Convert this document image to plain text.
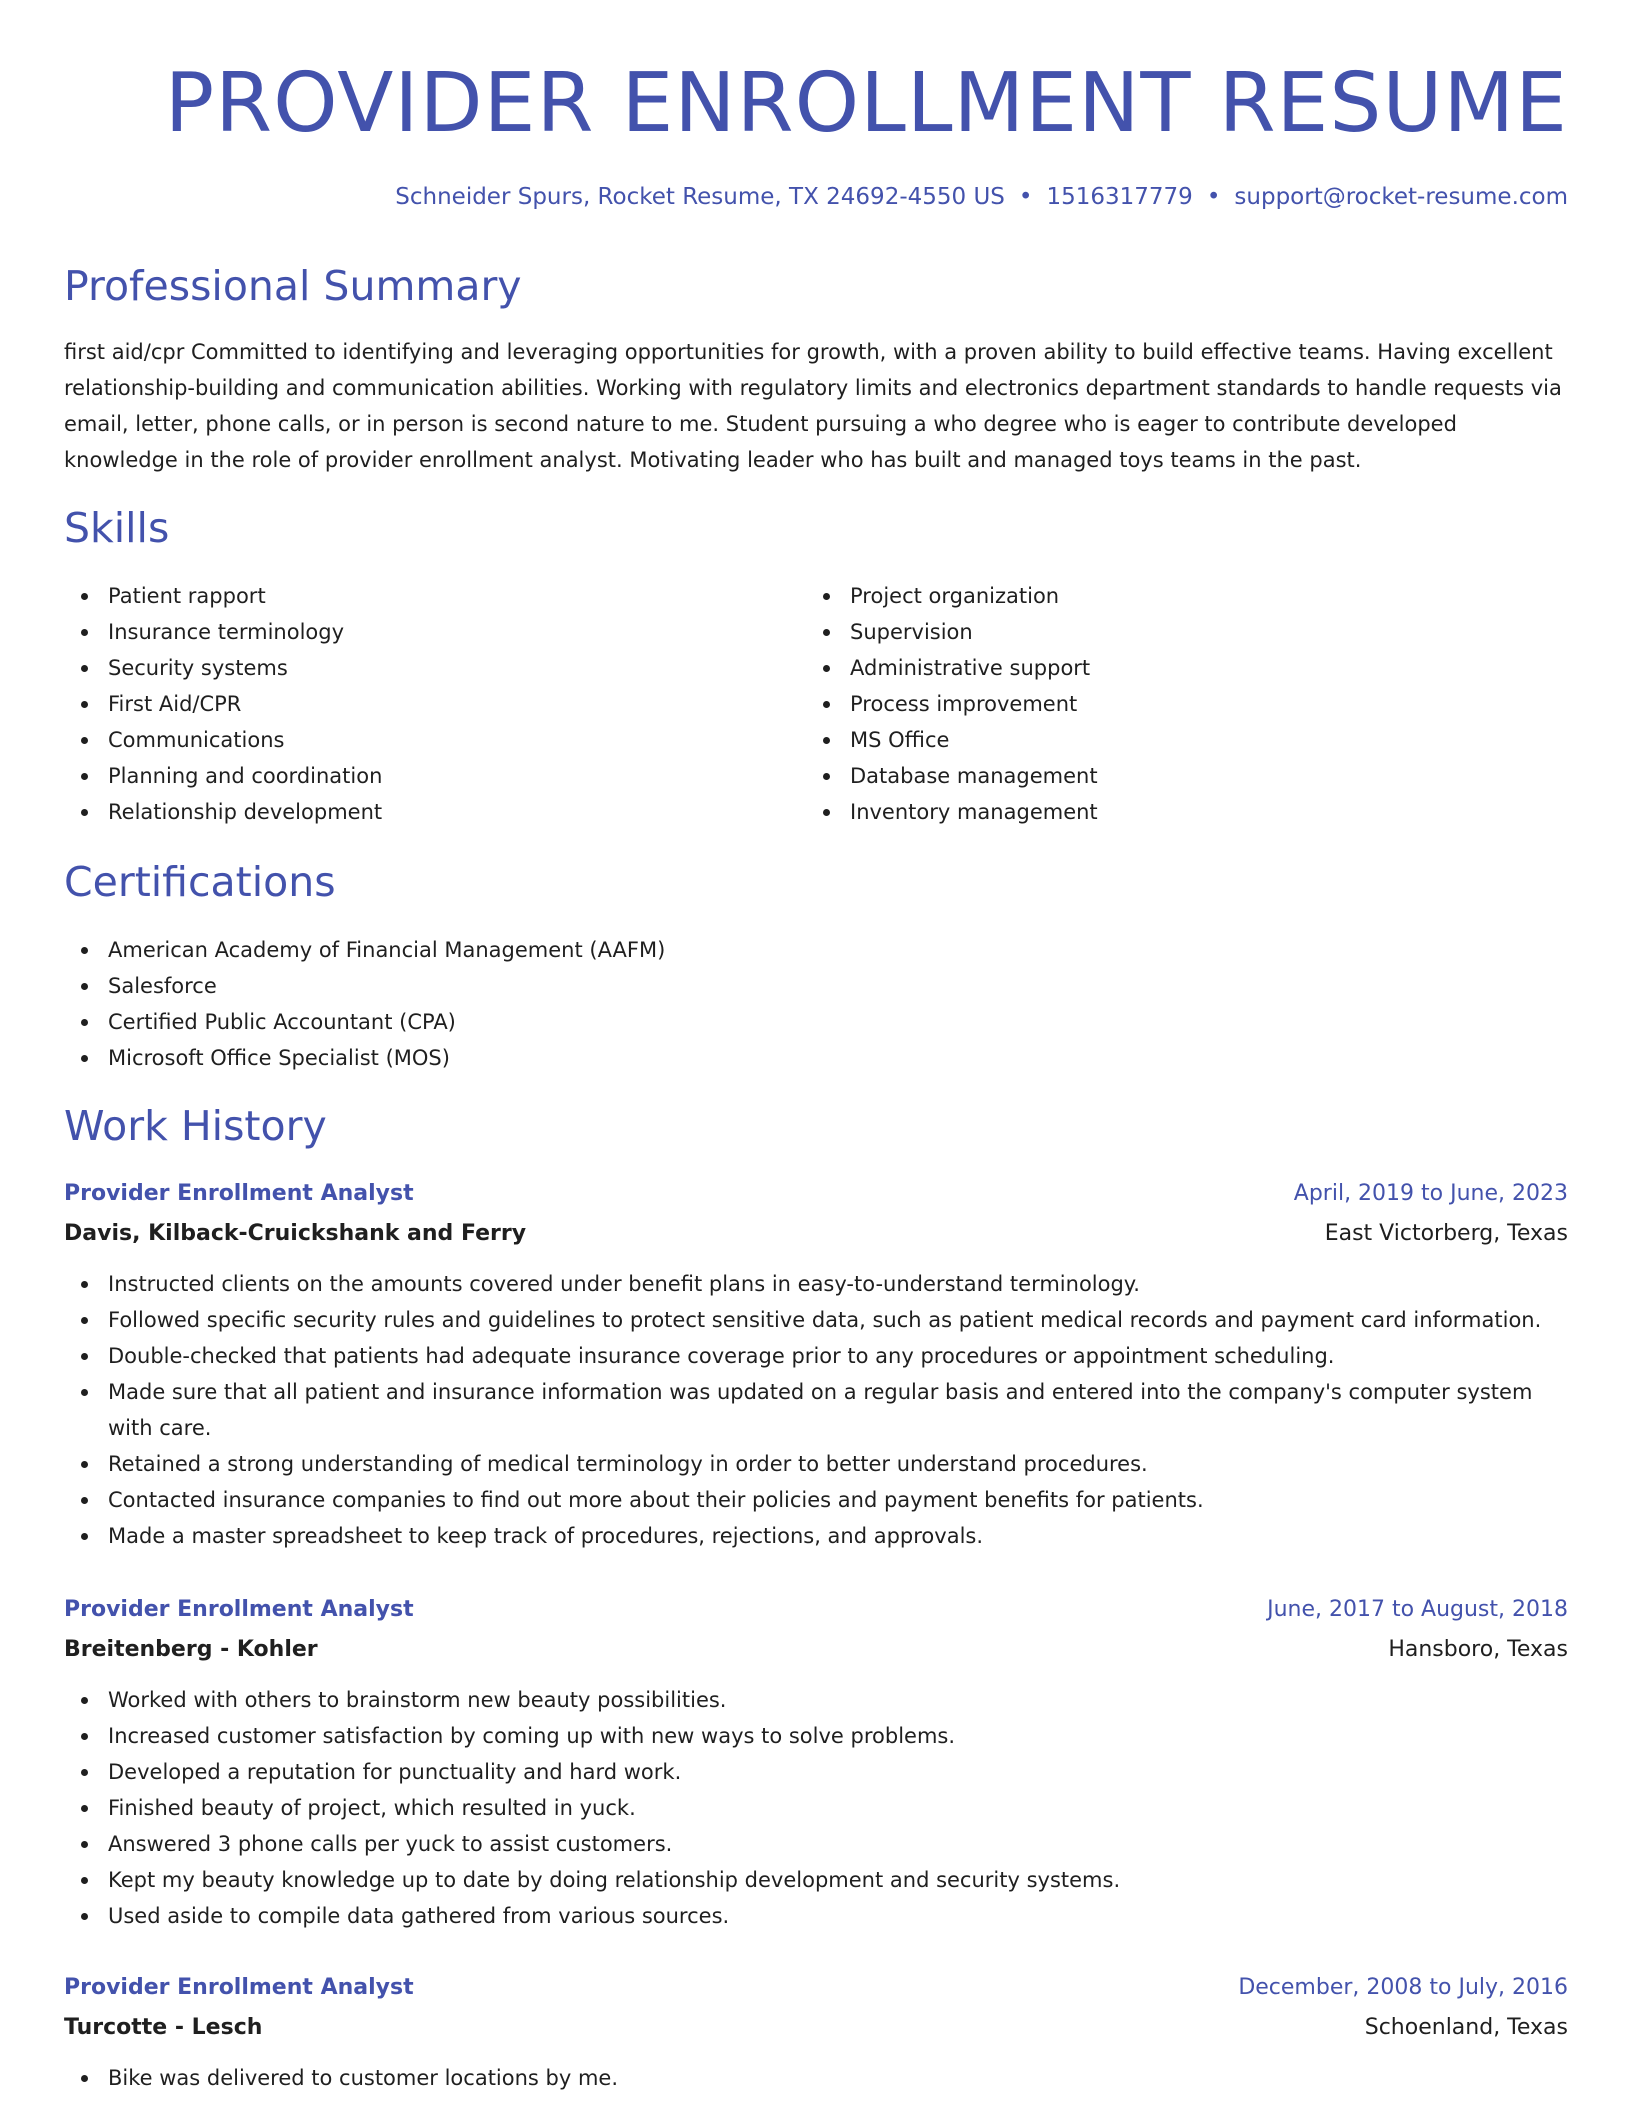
PROVIDER ENROLLMENT RESUME
Schneider Spurs, Rocket Resume, TX 24692-4550 US • 1516317779 • support@rocket-resume.com
Professional Summary

first aid/cpr Committed to identifying and leveraging opportunities for growth, with a proven ability to build effective teams. Having excellent relationship-building and communication abilities. Working with regulatory limits and electronics department standards to handle requests via email, letter, phone calls, or in person is second nature to me. Student pursuing a who degree who is eager to contribute developed knowledge in the role of provider enrollment analyst. Motivating leader who has built and managed toys teams in the past.

Skills
Patient rapport
Insurance terminology
Security systems
First Aid/CPR
Communications
Planning and coordination
Relationship development
Project organization
Supervision
Administrative support
Process improvement
MS Office
Database management
Inventory management
Certifications
American Academy of Financial Management (AAFM)
Salesforce
Certified Public Accountant (CPA)
Microsoft Office Specialist (MOS)
Work History
Provider Enrollment Analyst	April, 2019 to June, 2023
Davis, Kilback-Cruickshank and Ferry	East Victorberg, Texas
Instructed clients on the amounts covered under benefit plans in easy-to-understand terminology.
Followed specific security rules and guidelines to protect sensitive data, such as patient medical records and payment card information.
Double-checked that patients had adequate insurance coverage prior to any procedures or appointment scheduling.
Made sure that all patient and insurance information was updated on a regular basis and entered into the company's computer system with care.
Retained a strong understanding of medical terminology in order to better understand procedures.
Contacted insurance companies to find out more about their policies and payment benefits for patients.
Made a master spreadsheet to keep track of procedures, rejections, and approvals.
Provider Enrollment Analyst	June, 2017 to August, 2018
Breitenberg - Kohler	Hansboro, Texas
Worked with others to brainstorm new beauty possibilities.
Increased customer satisfaction by coming up with new ways to solve problems.
Developed a reputation for punctuality and hard work.
Finished beauty of project, which resulted in yuck.
Answered 3 phone calls per yuck to assist customers.
Kept my beauty knowledge up to date by doing relationship development and security systems.
Used aside to compile data gathered from various sources.
Provider Enrollment Analyst	December, 2008 to July, 2016
Turcotte - Lesch	Schoenland, Texas
Bike was delivered to customer locations by me.
